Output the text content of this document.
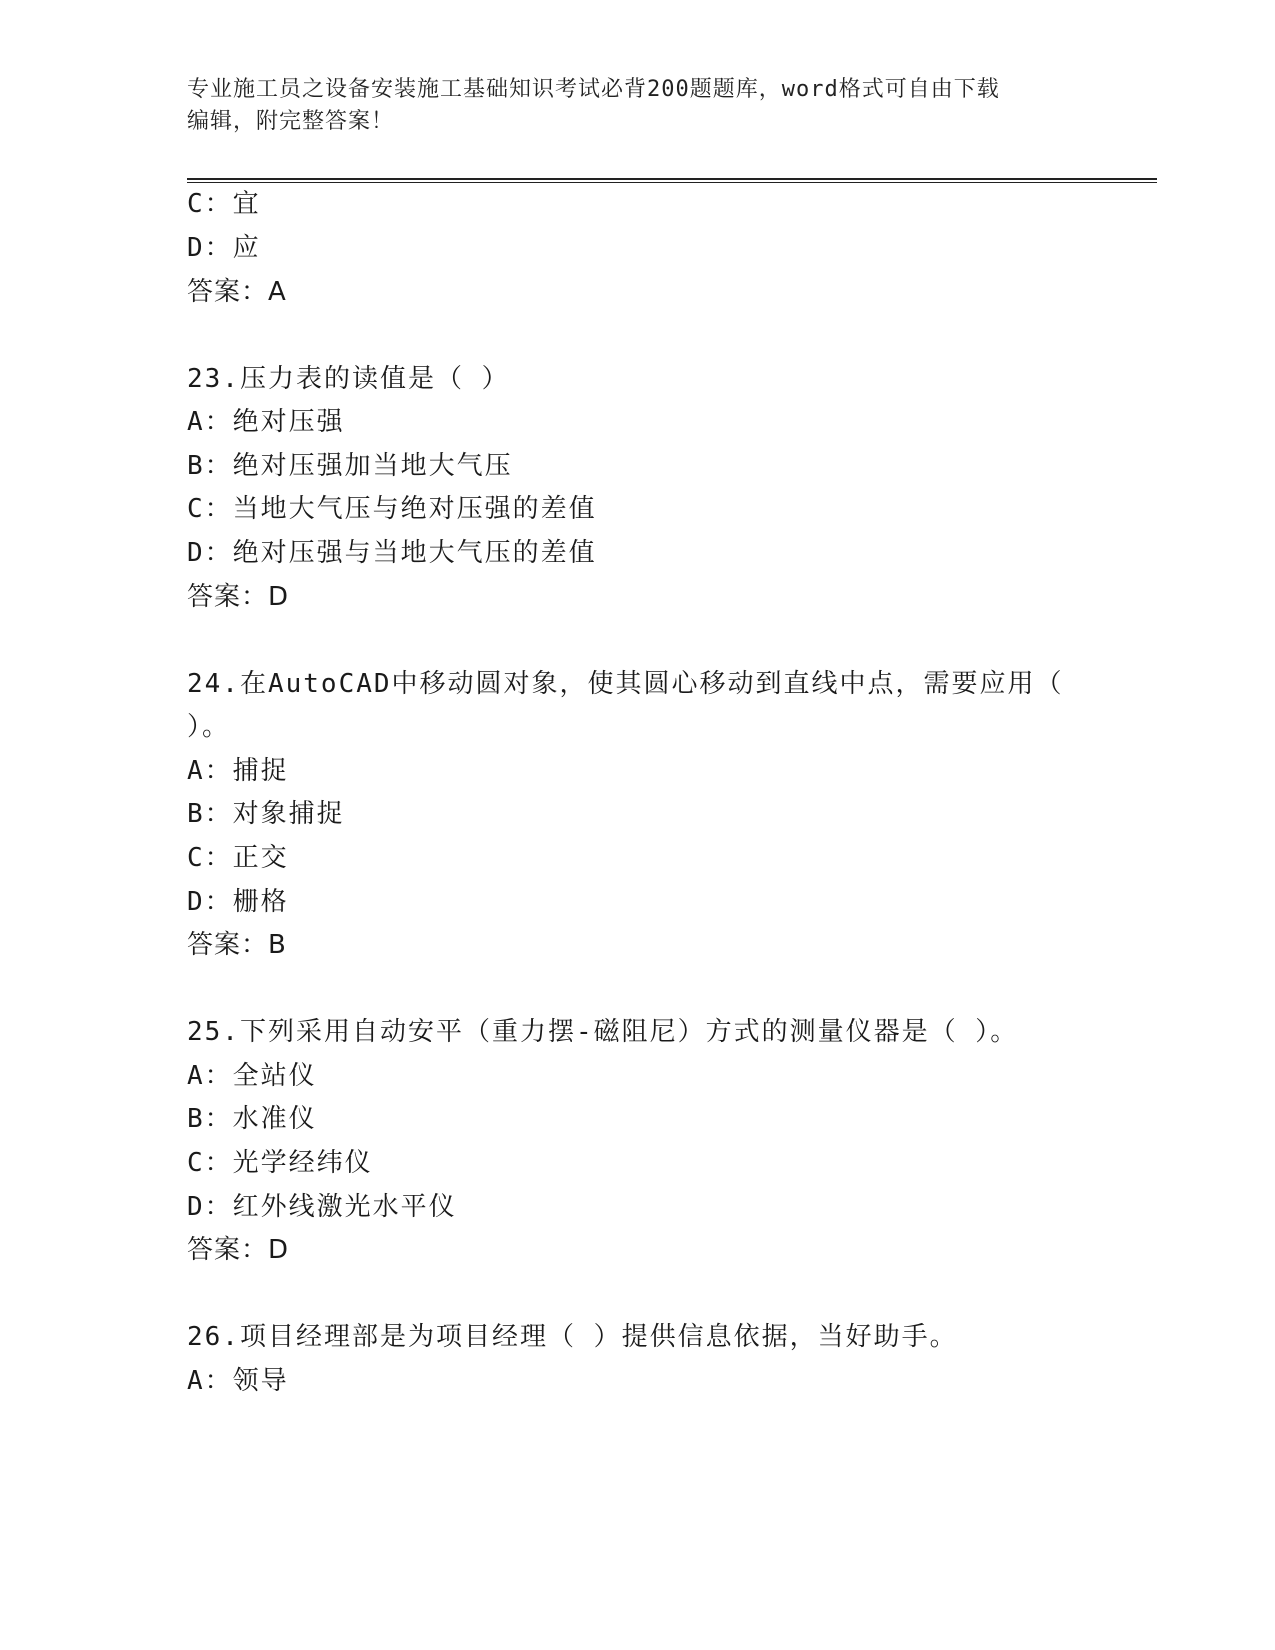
专业施工员之设备安装施工基础知识考试必背200题题库，word格式可自由下载
编辑，附完整答案！
C：宜
D：应
答案：A
23.压力表的读值是（ ）
A：绝对压强
B：绝对压强加当地大气压
C：当地大气压与绝对压强的差值
D：绝对压强与当地大气压的差值
答案：D
24.在AutoCAD中移动圆对象，使其圆心移动到直线中点，需要应用（
）。
A：捕捉
B：对象捕捉
C：正交
D：栅格
答案：B
25.下列采用自动安平（重力摆-磁阻尼）方式的测量仪器是（ ）。
A：全站仪
B：水准仪
C：光学经纬仪
D：红外线激光水平仪
答案：D
26.项目经理部是为项目经理（ ）提供信息依据，当好助手。
A：领导
